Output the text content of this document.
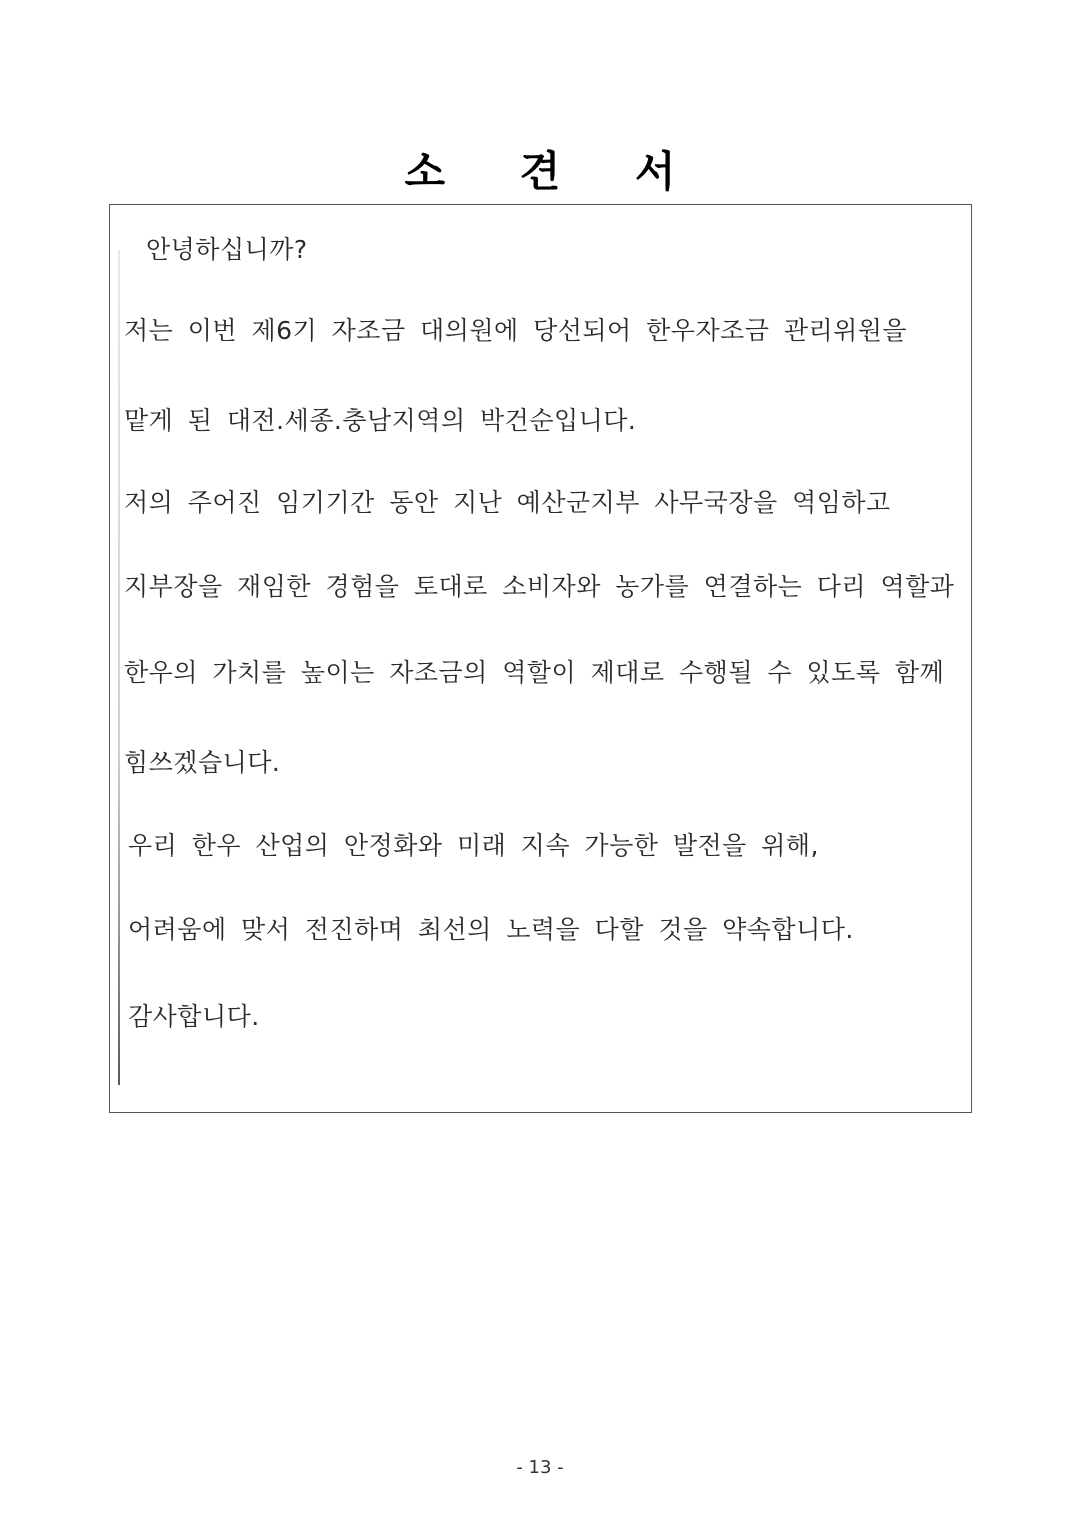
소 견 서
안녕하십니까?
저는 이번 제6기 자조금 대의원에 당선되어 한우자조금 관리위원을
맡게 된 대전.세종.충남지역의 박건순입니다.
저의 주어진 임기기간 동안 지난 예산군지부 사무국장을 역임하고
지부장을 재임한 경험을 토대로 소비자와 농가를 연결하는 다리 역할과
한우의 가치를 높이는 자조금의 역할이 제대로 수행될 수 있도록 함께
힘쓰겠습니다.
우리 한우 산업의 안정화와 미래 지속 가능한 발전을 위해,
어려움에 맞서 전진하며 최선의 노력을 다할 것을 약속합니다.
감사합니다.
- 13 -
